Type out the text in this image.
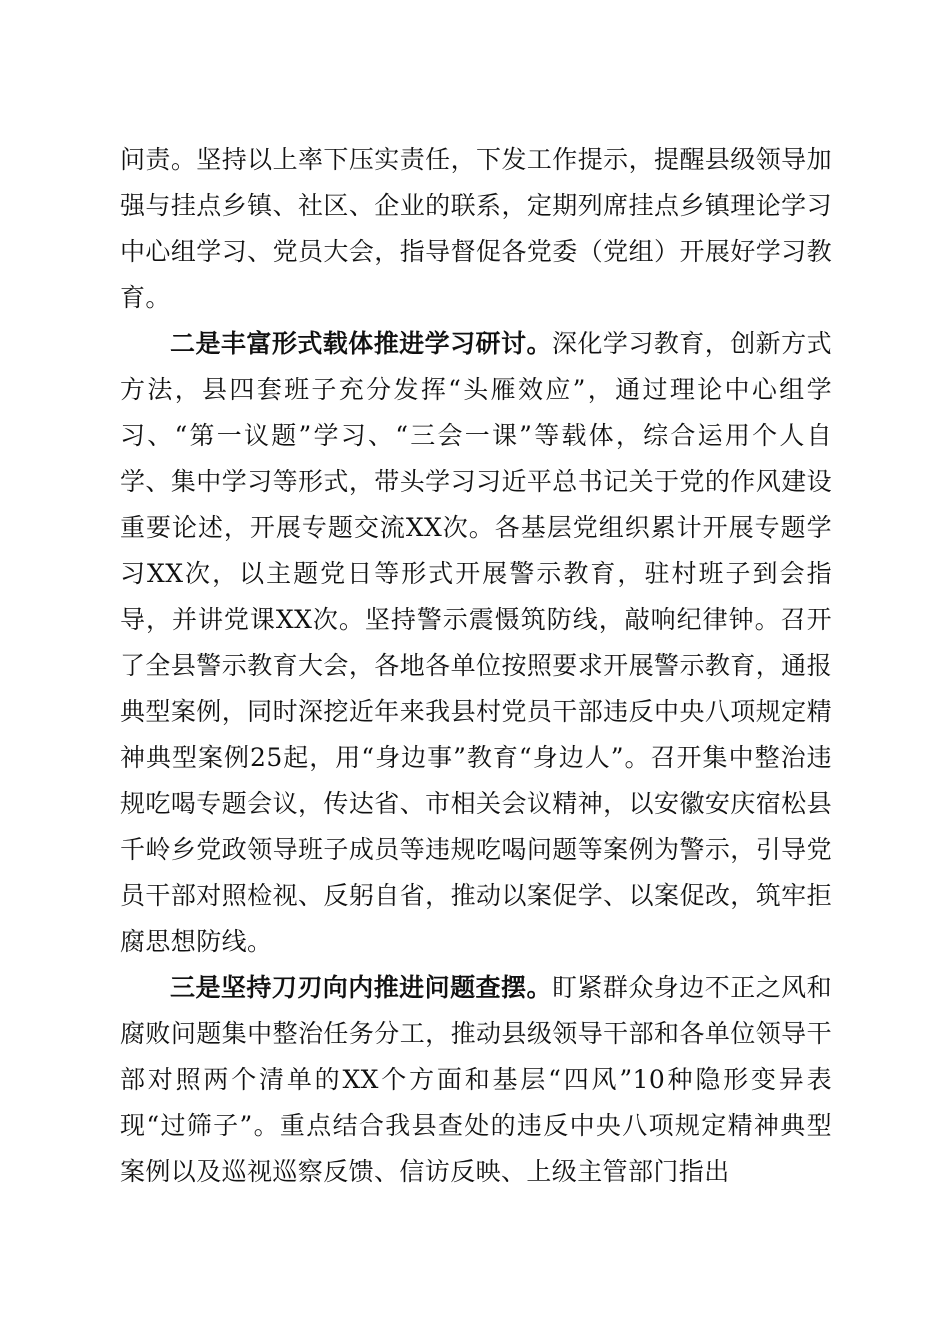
问责。坚持以上率下压实责任，下发工作提示，提醒县级领导加强与挂点乡镇、社区、企业的联系，定期列席挂点乡镇理论学习中心组学习、党员大会，指导督促各党委（党组）开展好学习教育。

二是丰富形式载体推进学习研讨。深化学习教育，创新方式方法，县四套班子充分发挥“头雁效应”，通过理论中心组学习、“第一议题”学习、“三会一课”等载体，综合运用个人自学、集中学习等形式，带头学习习近平总书记关于党的作风建设重要论述，开展专题交流XX次。各基层党组织累计开展专题学习XX次，以主题党日等形式开展警示教育，驻村班子到会指导，并讲党课XX次。坚持警示震慑筑防线，敲响纪律钟。召开了全县警示教育大会，各地各单位按照要求开展警示教育，通报典型案例，同时深挖近年来我县村党员干部违反中央八项规定精神典型案例25起，用“身边事”教育“身边人”。召开集中整治违规吃喝专题会议，传达省、市相关会议精神，以安徽安庆宿松县千岭乡党政领导班子成员等违规吃喝问题等案例为警示，引导党员干部对照检视、反躬自省，推动以案促学、以案促改，筑牢拒腐思想防线。

三是坚持刀刃向内推进问题查摆。盯紧群众身边不正之风和腐败问题集中整治任务分工，推动县级领导干部和各单位领导干部对照两个清单的XX个方面和基层“四风”10种隐形变异表现“过筛子”。重点结合我县查处的违反中央八项规定精神典型案例以及巡视巡察反馈、信访反映、上级主管部门指出
